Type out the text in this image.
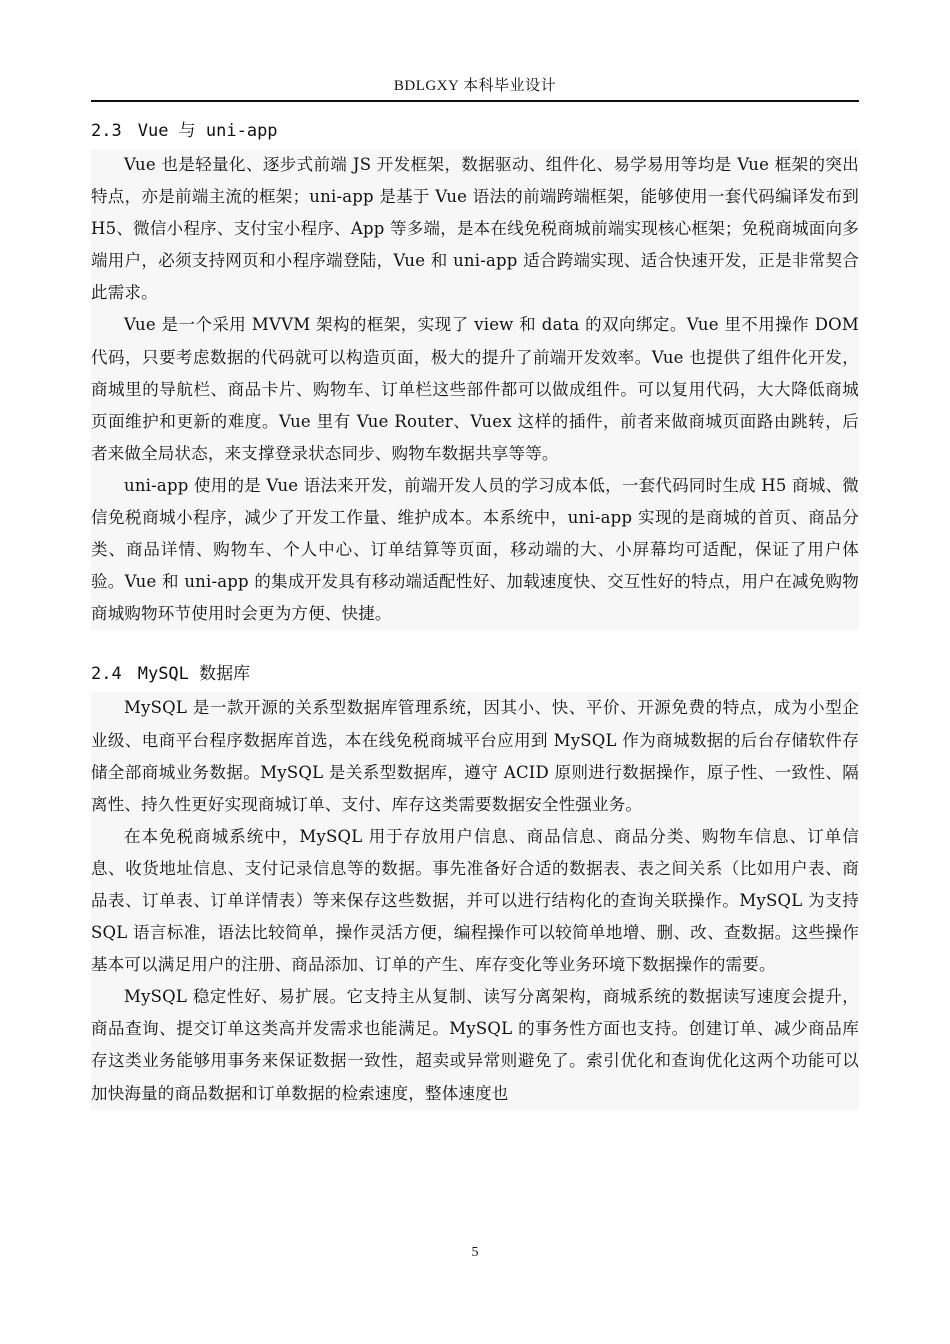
BDLGXY 本科毕业设计
2.3 Vue 与 uni-app

Vue 也是轻量化、逐步式前端 JS 开发框架，数据驱动、组件化、易学易用等均是 Vue 框架的突出特点，亦是前端主流的框架；uni-app 是基于 Vue 语法的前端跨端框架，能够使用一套代码编译发布到 H5、微信小程序、支付宝小程序、App 等多端，是本在线免税商城前端实现核心框架；免税商城面向多端用户，必须支持网页和小程序端登陆，Vue 和 uni-app 适合跨端实现、适合快速开发，正是非常契合此需求。

Vue 是一个采用 MVVM 架构的框架，实现了 view 和 data 的双向绑定。Vue 里不用操作 DOM 代码，只要考虑数据的代码就可以构造页面，极大的提升了前端开发效率。Vue 也提供了组件化开发，商城里的导航栏、商品卡片、购物车、订单栏这些部件都可以做成组件。可以复用代码，大大降低商城页面维护和更新的难度。Vue 里有 Vue Router、Vuex 这样的插件，前者来做商城页面路由跳转，后者来做全局状态，来支撑登录状态同步、购物车数据共享等等。

uni-app 使用的是 Vue 语法来开发，前端开发人员的学习成本低，一套代码同时生成 H5 商城、微信免税商城小程序，减少了开发工作量、维护成本。本系统中，uni-app 实现的是商城的首页、商品分类、商品详情、购物车、个人中心、订单结算等页面，移动端的大、小屏幕均可适配，保证了用户体验。Vue 和 uni-app 的集成开发具有移动端适配性好、加载速度快、交互性好的特点，用户在减免购物商城购物环节使用时会更为方便、快捷。

2.4 MySQL 数据库

MySQL 是一款开源的关系型数据库管理系统，因其小、快、平价、开源免费的特点，成为小型企业级、电商平台程序数据库首选，本在线免税商城平台应用到 MySQL 作为商城数据的后台存储软件存储全部商城业务数据。MySQL 是关系型数据库，遵守 ACID 原则进行数据操作，原子性、一致性、隔离性、持久性更好实现商城订单、支付、库存这类需要数据安全性强业务。

在本免税商城系统中，MySQL 用于存放用户信息、商品信息、商品分类、购物车信息、订单信息、收货地址信息、支付记录信息等的数据。事先准备好合适的数据表、表之间关系（比如用户表、商品表、订单表、订单详情表）等来保存这些数据，并可以进行结构化的查询关联操作。MySQL 为支持 SQL 语言标准，语法比较简单，操作灵活方便，编程操作可以较简单地增、删、改、查数据。这些操作基本可以满足用户的注册、商品添加、订单的产生、库存变化等业务环境下数据操作的需要。

MySQL 稳定性好、易扩展。它支持主从复制、读写分离架构，商城系统的数据读写速度会提升，商品查询、提交订单这类高并发需求也能满足。MySQL 的事务性方面也支持。创建订单、减少商品库存这类业务能够用事务来保证数据一致性，超卖或异常则避免了。索引优化和查询优化这两个功能可以加快海量的商品数据和订单数据的检索速度，整体速度也

5
